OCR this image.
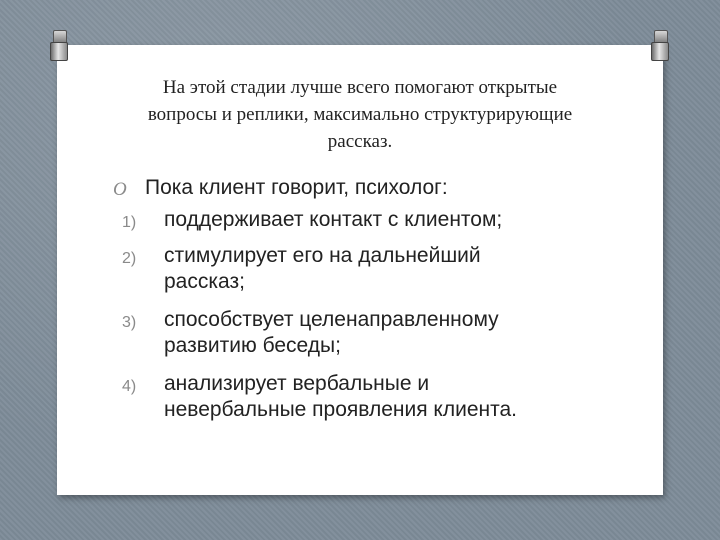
На этой стадии лучше всего помогают открытые
вопросы и реплики, максимально структурирующие
рассказ.
O Пока клиент говорит, психолог:
1) поддерживает контакт с клиентом;
2) стимулирует его на дальнейший
рассказ;
3) способствует целенаправленному
развитию беседы;
4) анализирует вербальные и
невербальные проявления клиента.
